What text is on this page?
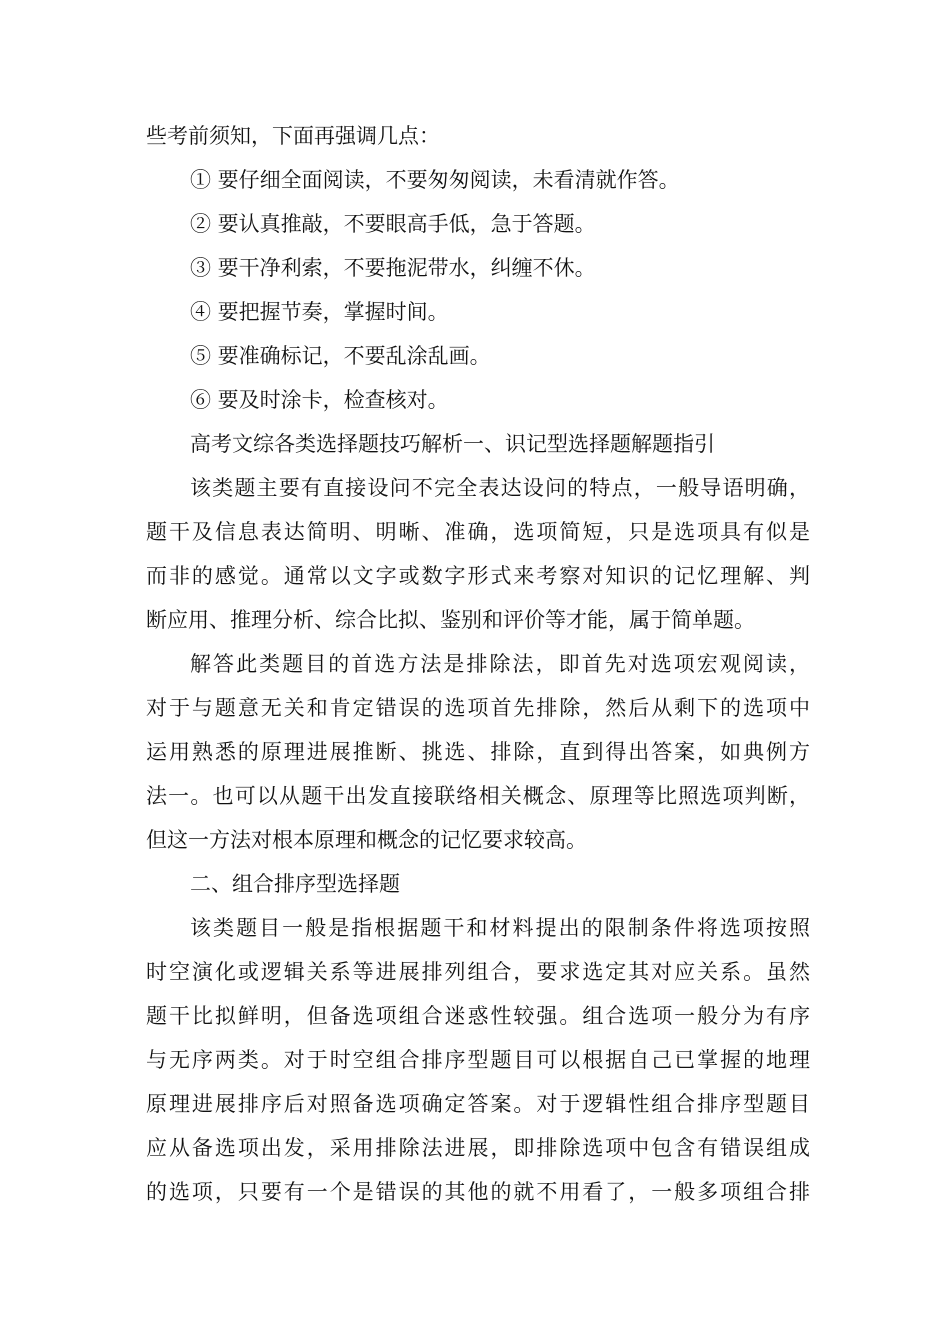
些考前须知，下面再强调几点：
① 要仔细全面阅读，不要匆匆阅读，未看清就作答。
② 要认真推敲，不要眼高手低，急于答题。
③ 要干净利索，不要拖泥带水，纠缠不休。
④ 要把握节奏，掌握时间。
⑤ 要准确标记，不要乱涂乱画。
⑥ 要及时涂卡，检查核对。
高考文综各类选择题技巧解析一、识记型选择题解题指引
该类题主要有直接设问不完全表达设问的特点，一般导语明确，
题干及信息表达简明、明晰、准确，选项简短，只是选项具有似是
而非的感觉。通常以文字或数字形式来考察对知识的记忆理解、判
断应用、推理分析、综合比拟、鉴别和评价等才能，属于简单题。
解答此类题目的首选方法是排除法，即首先对选项宏观阅读，
对于与题意无关和肯定错误的选项首先排除，然后从剩下的选项中
运用熟悉的原理进展推断、挑选、排除，直到得出答案，如典例方
法一。也可以从题干出发直接联络相关概念、原理等比照选项判断，
但这一方法对根本原理和概念的记忆要求较高。
二、组合排序型选择题
该类题目一般是指根据题干和材料提出的限制条件将选项按照
时空演化或逻辑关系等进展排列组合，要求选定其对应关系。虽然
题干比拟鲜明，但备选项组合迷惑性较强。组合选项一般分为有序
与无序两类。对于时空组合排序型题目可以根据自己已掌握的地理
原理进展排序后对照备选项确定答案。对于逻辑性组合排序型题目
应从备选项出发，采用排除法进展，即排除选项中包含有错误组成
的选项，只要有一个是错误的其他的就不用看了，一般多项组合排
